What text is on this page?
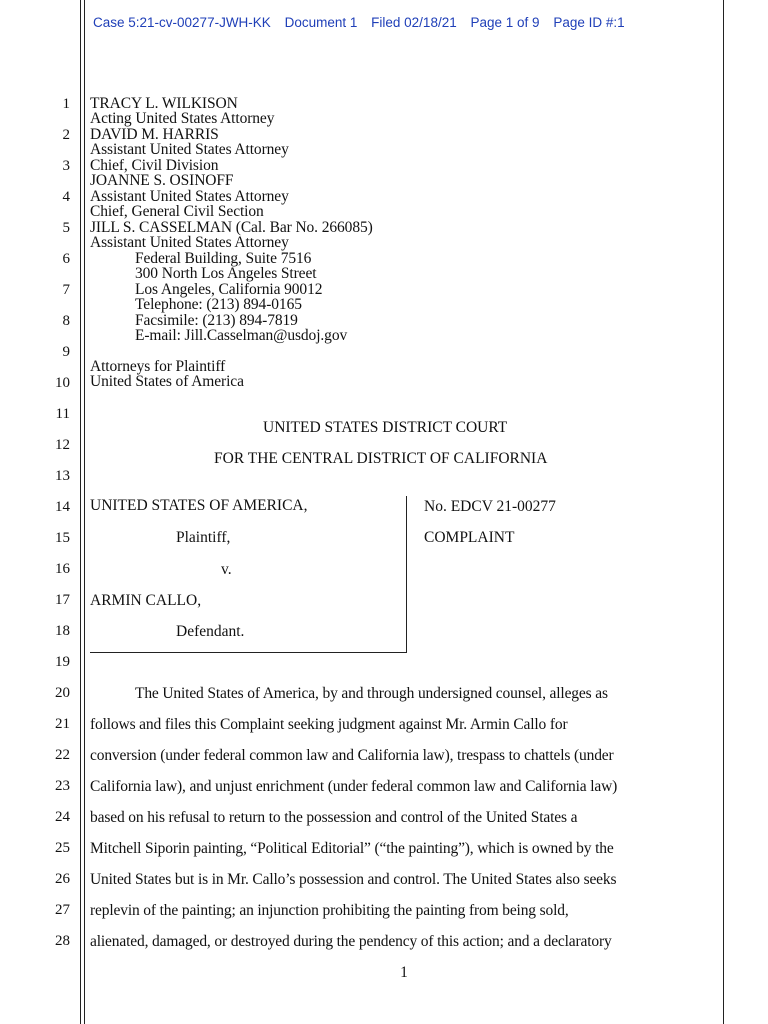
Case 5:21-cv-00277-JWH-KK Document 1 Filed 02/18/21 Page 1 of 9 Page ID #:1
1
2
3
4
5
6
7
8
9
10
11
12
13
14
15
16
17
18
19
20
21
22
23
24
25
26
27
28
TRACY L. WILKISON
Acting United States Attorney
DAVID M. HARRIS
Assistant United States Attorney
Chief, Civil Division
JOANNE S. OSINOFF
Assistant United States Attorney
Chief, General Civil Section
JILL S. CASSELMAN (Cal. Bar No. 266085)
Assistant United States Attorney
Federal Building, Suite 7516
300 North Los Angeles Street
Los Angeles, California 90012
Telephone: (213) 894-0165
Facsimile: (213) 894-7819
E-mail: Jill.Casselman@usdoj.gov
Attorneys for Plaintiff
United States of America
UNITED STATES DISTRICT COURT
FOR THE CENTRAL DISTRICT OF CALIFORNIA
UNITED STATES OF AMERICA,
Plaintiff,
v.
ARMIN CALLO,
Defendant.
No. EDCV 21-00277
COMPLAINT
The United States of America, by and through undersigned counsel, alleges as
follows and files this Complaint seeking judgment against Mr. Armin Callo for
conversion (under federal common law and California law), trespass to chattels (under
California law), and unjust enrichment (under federal common law and California law)
based on his refusal to return to the possession and control of the United States a
Mitchell Siporin painting, “Political Editorial” (“the painting”), which is owned by the
United States but is in Mr. Callo’s possession and control. The United States also seeks
replevin of the painting; an injunction prohibiting the painting from being sold,
alienated, damaged, or destroyed during the pendency of this action; and a declaratory
1
